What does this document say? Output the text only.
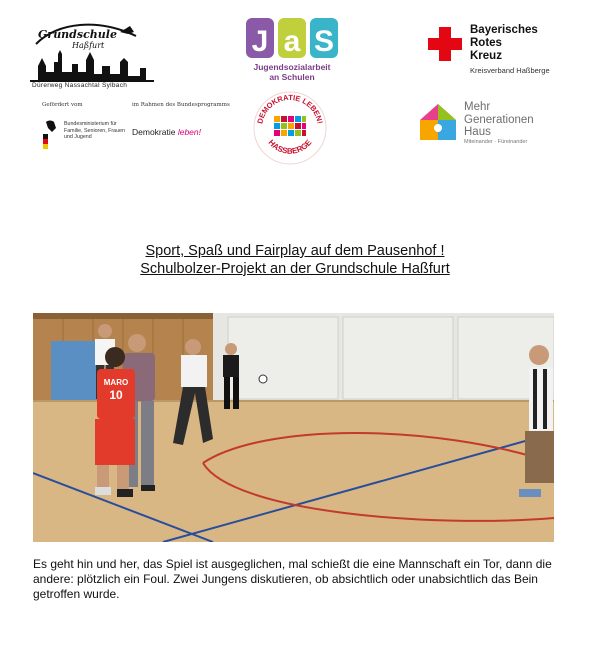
Grundschule
Haßfurt
Dürerweg Nassachtal Sylbach
J a S
Jugendsozialarbeit
an Schulen
Bayerisches
Rotes
Kreuz
Kreisverband Haßberge
Gefördert vom
Bundesministerium für Familie, Senioren, Frauen und Jugend
im Rahmen des Bundesprogramms
Demokratie leben!
DEMOKRATIE LEBEN!
HASSBERGE
Mehr
Generationen
Haus
Miteinander · Füreinander
Sport, Spaß und Fairplay auf dem Pausenhof !
Schulbolzer-Projekt an der Grundschule Haßfurt
MARO
10
Es geht hin und her, das Spiel ist ausgeglichen, mal schießt die eine Mannschaft ein Tor, dann die andere: plötzlich ein Foul. Zwei Jungens diskutieren, ob absichtlich oder unabsichtlich das Bein getroffen wurde.
